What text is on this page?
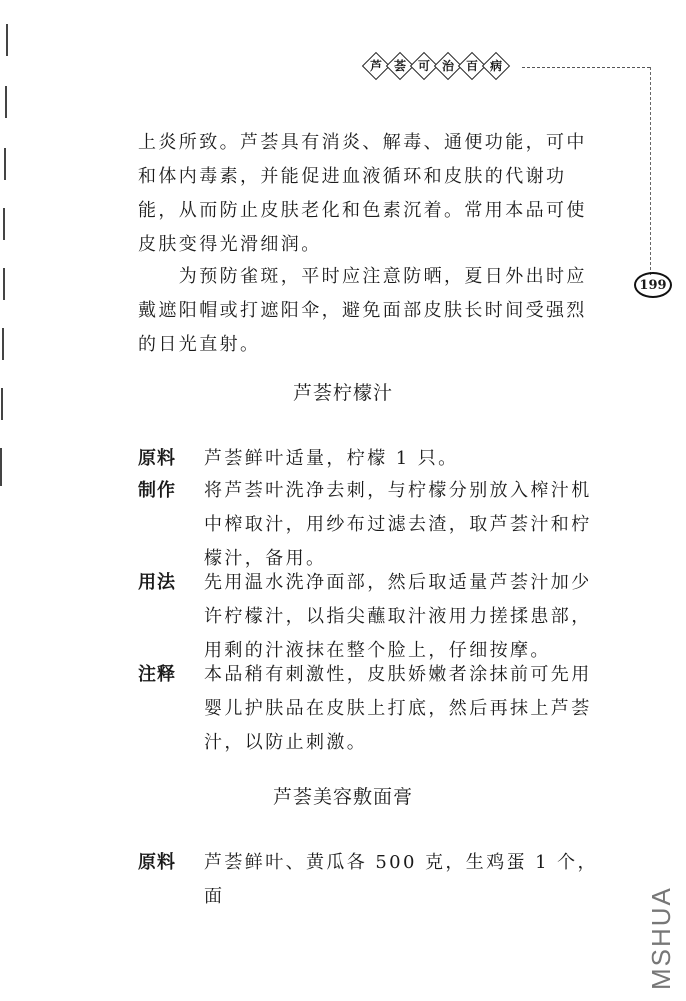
芦 荟 可 治 百 病
199
上炎所致。芦荟具有消炎、解毒、通便功能，可中和体内毒素，并能促进血液循环和皮肤的代谢功能，从而防止皮肤老化和色素沉着。常用本品可使皮肤变得光滑细润。
　　为预防雀斑，平时应注意防晒，夏日外出时应戴遮阳帽或打遮阳伞，避免面部皮肤长时间受强烈的日光直射。
芦荟柠檬汁
原料	芦荟鲜叶适量，柠檬 1 只。
制作	将芦荟叶洗净去刺，与柠檬分别放入榨汁机中榨取汁，用纱布过滤去渣，取芦荟汁和柠檬汁，备用。
用法	先用温水洗净面部，然后取适量芦荟汁加少许柠檬汁，以指尖蘸取汁液用力搓揉患部，用剩的汁液抹在整个脸上，仔细按摩。
注释	本品稍有刺激性，皮肤娇嫩者涂抹前可先用婴儿护肤品在皮肤上打底，然后再抹上芦荟汁，以防止刺激。
芦荟美容敷面膏
原料	芦荟鲜叶、黄瓜各 500 克，生鸡蛋 1 个，面	MSHUA
